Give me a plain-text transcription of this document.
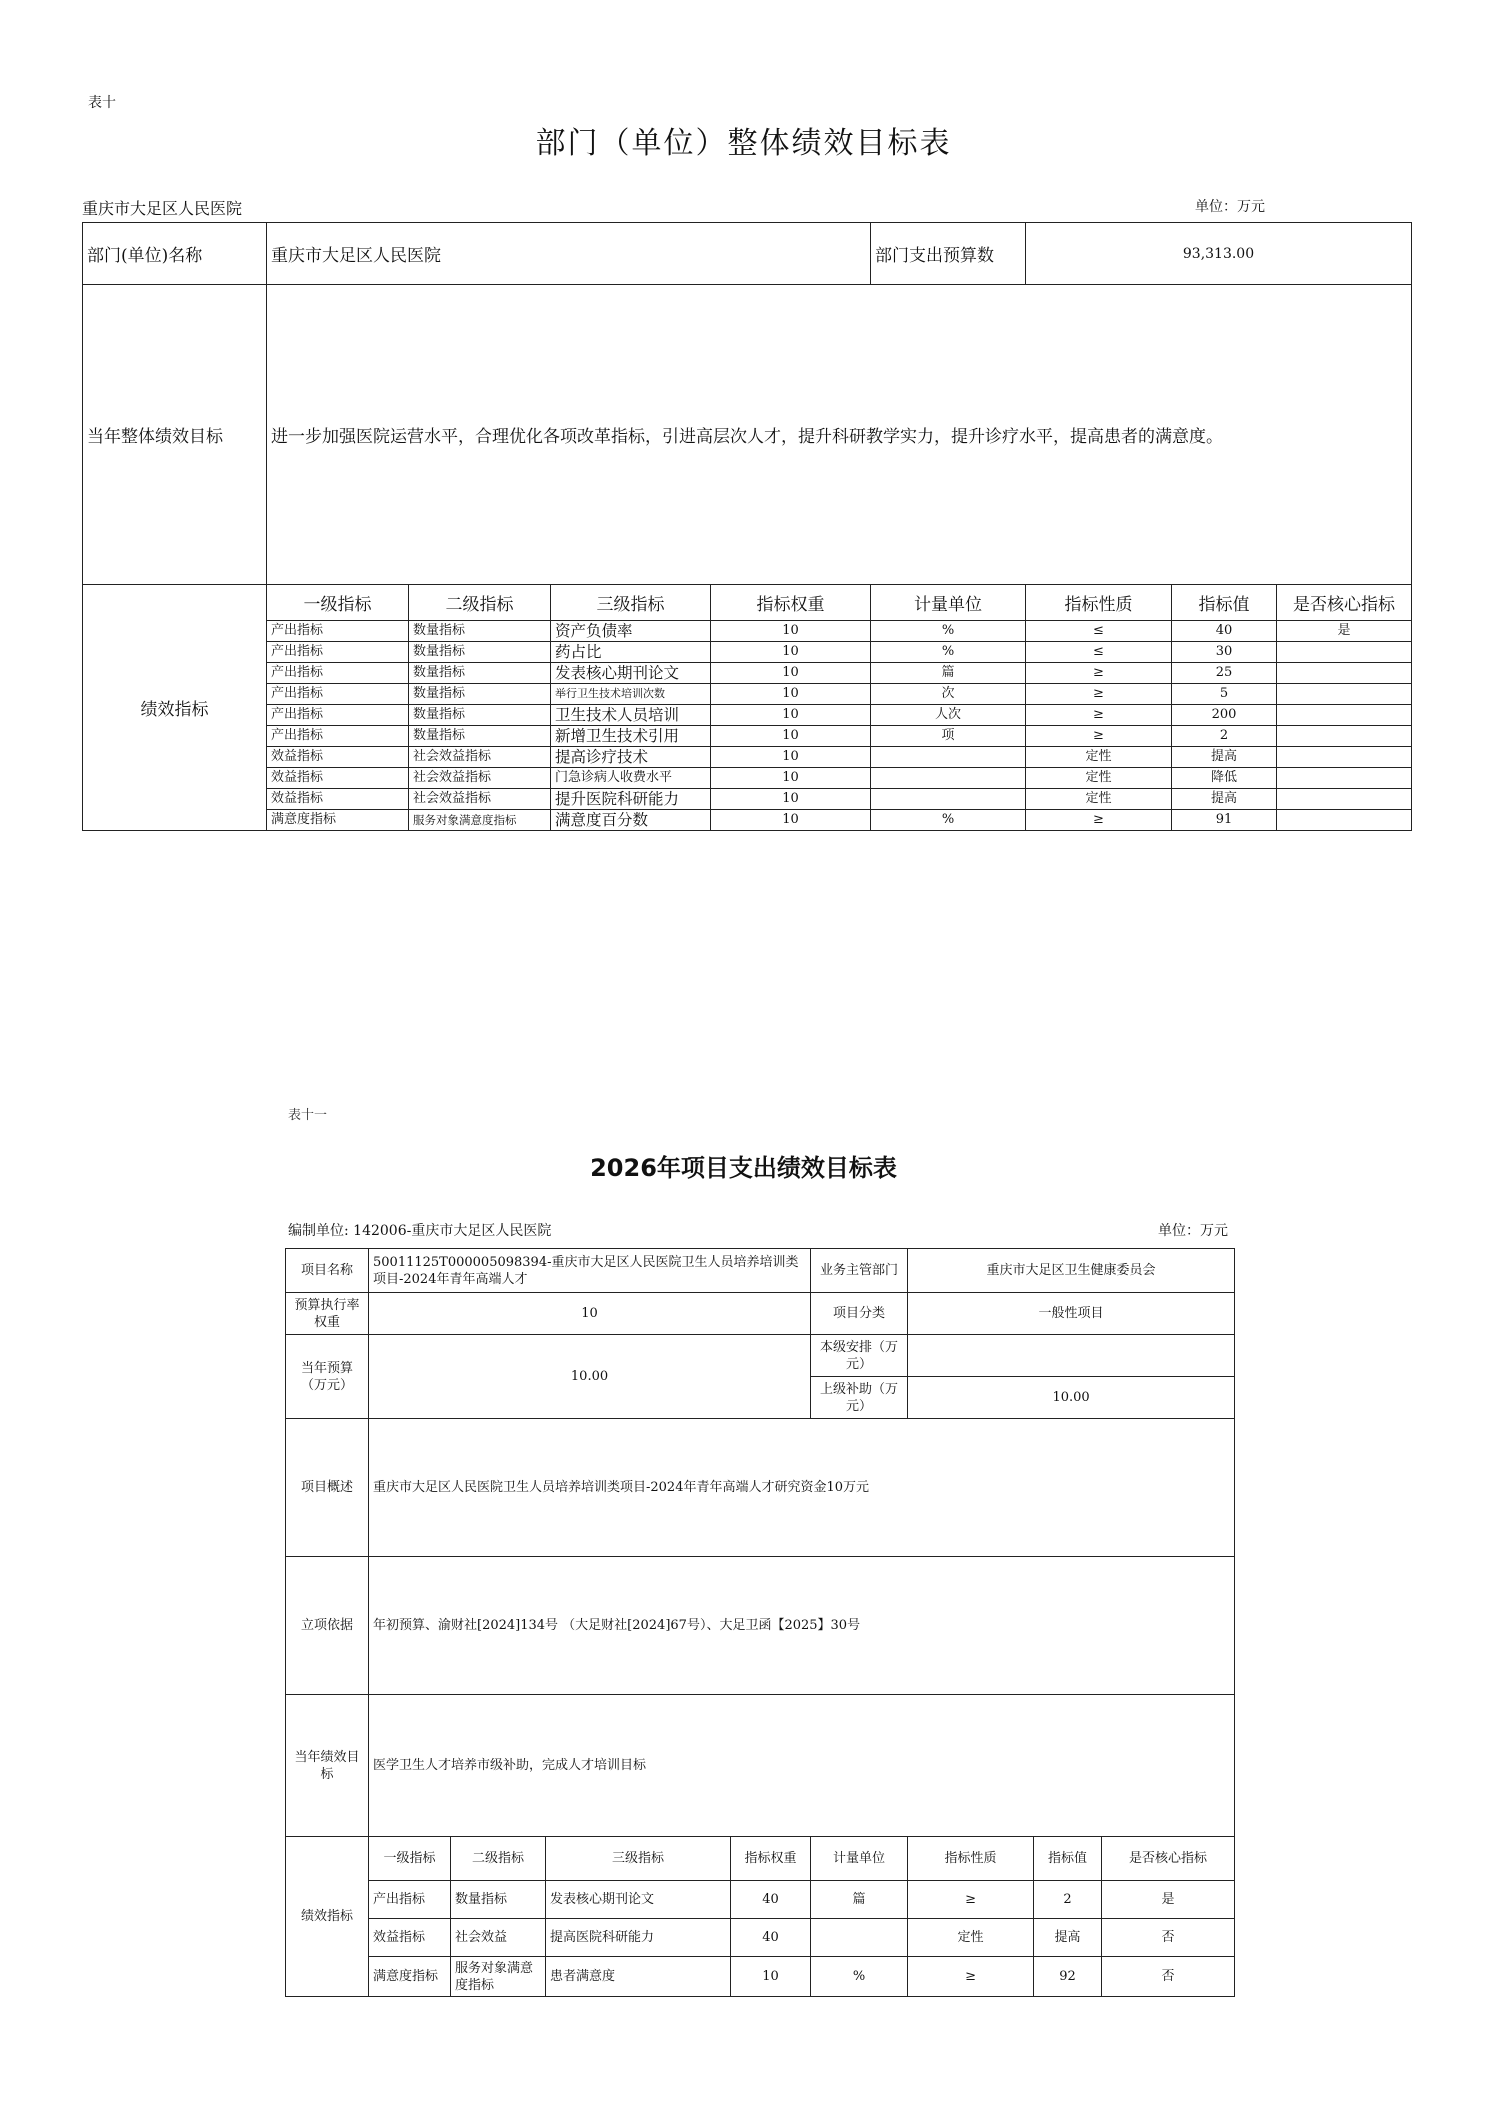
表十
部门（单位）整体绩效目标表
重庆市大足区人民医院	单位：万元
部门(单位)名称	重庆市大足区人民医院				部门支出预算数	93,313.00		
当年整体绩效目标	进一步加强医院运营水平，合理优化各项改革指标，引进高层次人才，提升科研教学实力，提升诊疗水平，提高患者的满意度。							
绩效指标	一级指标	二级指标	三级指标	指标权重	计量单位	指标性质	指标值	是否核心指标
	产出指标	数量指标	资产负债率	10	%	≤	40	是
	产出指标	数量指标	药占比	10	%	≤	30	
	产出指标	数量指标	发表核心期刊论文	10	篇	≥	25	
	产出指标	数量指标	举行卫生技术培训次数	10	次	≥	5	
	产出指标	数量指标	卫生技术人员培训	10	人次	≥	200	
	产出指标	数量指标	新增卫生技术引用	10	项	≥	2	
	效益指标	社会效益指标	提高诊疗技术	10		定性	提高	
	效益指标	社会效益指标	门急诊病人收费水平	10		定性	降低	
	效益指标	社会效益指标	提升医院科研能力	10		定性	提高	
	满意度指标	服务对象满意度指标	满意度百分数	10	%	≥	91	
表十一
2026年项目支出绩效目标表
编制单位: 142006-重庆市大足区人民医院	单位：万元
项目名称	50011125T000005098394-重庆市大足区人民医院卫生人员培养培训类项目-2024年青年高端人才				业务主管部门	重庆市大足区卫生健康委员会		
预算执行率权重	10				项目分类	一般性项目		
当年预算（万元）	10.00				本级安排（万元）			
					上级补助（万元）	10.00		
项目概述	重庆市大足区人民医院卫生人员培养培训类项目-2024年青年高端人才研究资金10万元							
立项依据	年初预算、渝财社[2024]134号 （大足财社[2024]67号）、大足卫函【2025】30号							
当年绩效目标	医学卫生人才培养市级补助，完成人才培训目标							
绩效指标	一级指标	二级指标	三级指标	指标权重	计量单位	指标性质	指标值	是否核心指标
	产出指标	数量指标	发表核心期刊论文	40	篇	≥	2	是
	效益指标	社会效益	提高医院科研能力	40		定性	提高	否
	满意度指标	服务对象满意度指标	患者满意度	10	%	≥	92	否
